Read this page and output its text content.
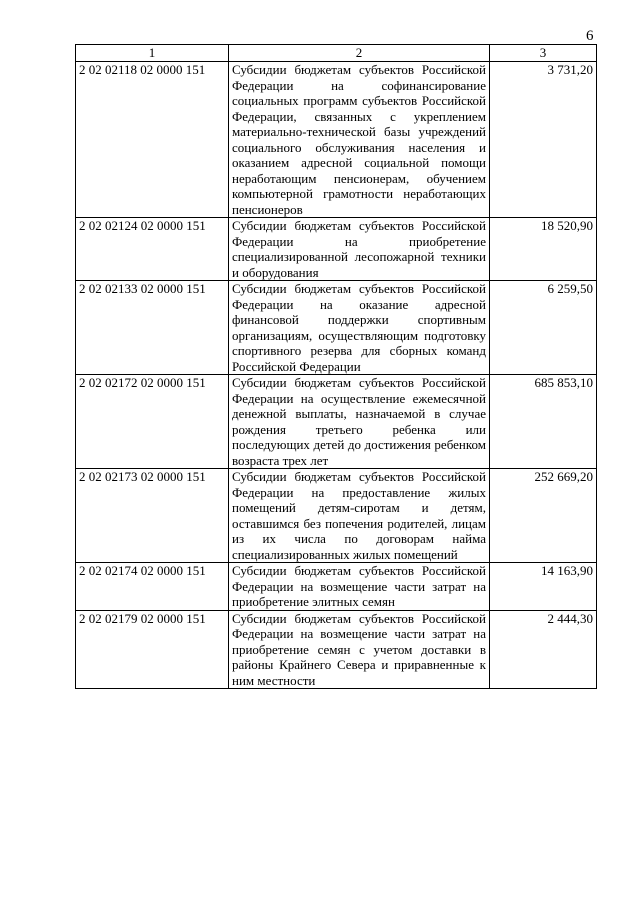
6
1	2	3
2 02 02118 02 0000 151	Субсидии бюджетам субъектов Российской Федерации на софинансирование социальных программ субъектов Российской Федерации, связанных с укреплением материально-технической базы учреждений социального обслуживания населения и оказанием адресной социальной помощи неработающим пенсионерам, обучением компьютерной грамотности неработающих пенсионеров	3 731,20
2 02 02124 02 0000 151	Субсидии бюджетам субъектов Российской Федерации на приобретение специализированной лесопожарной техники и оборудования	18 520,90
2 02 02133 02 0000 151	Субсидии бюджетам субъектов Российской Федерации на оказание адресной финансовой поддержки спортивным организациям, осуществляющим подготовку спортивного резерва для сборных команд Российской Федерации	6 259,50
2 02 02172 02 0000 151	Субсидии бюджетам субъектов Российской Федерации на осуществление ежемесячной денежной выплаты, назначаемой в случае рождения третьего ребенка или последующих детей до достижения ребенком возраста трех лет	685 853,10
2 02 02173 02 0000 151	Субсидии бюджетам субъектов Российской Федерации на предоставление жилых помещений детям-сиротам и детям, оставшимся без попечения родителей, лицам из их числа по договорам найма специализированных жилых помещений	252 669,20
2 02 02174 02 0000 151	Субсидии бюджетам субъектов Российской Федерации на возмещение части затрат на приобретение элитных семян	14 163,90
2 02 02179 02 0000 151	Субсидии бюджетам субъектов Российской Федерации на возмещение части затрат на приобретение семян с учетом доставки в районы Крайнего Севера и приравненные к ним местности	2 444,30
